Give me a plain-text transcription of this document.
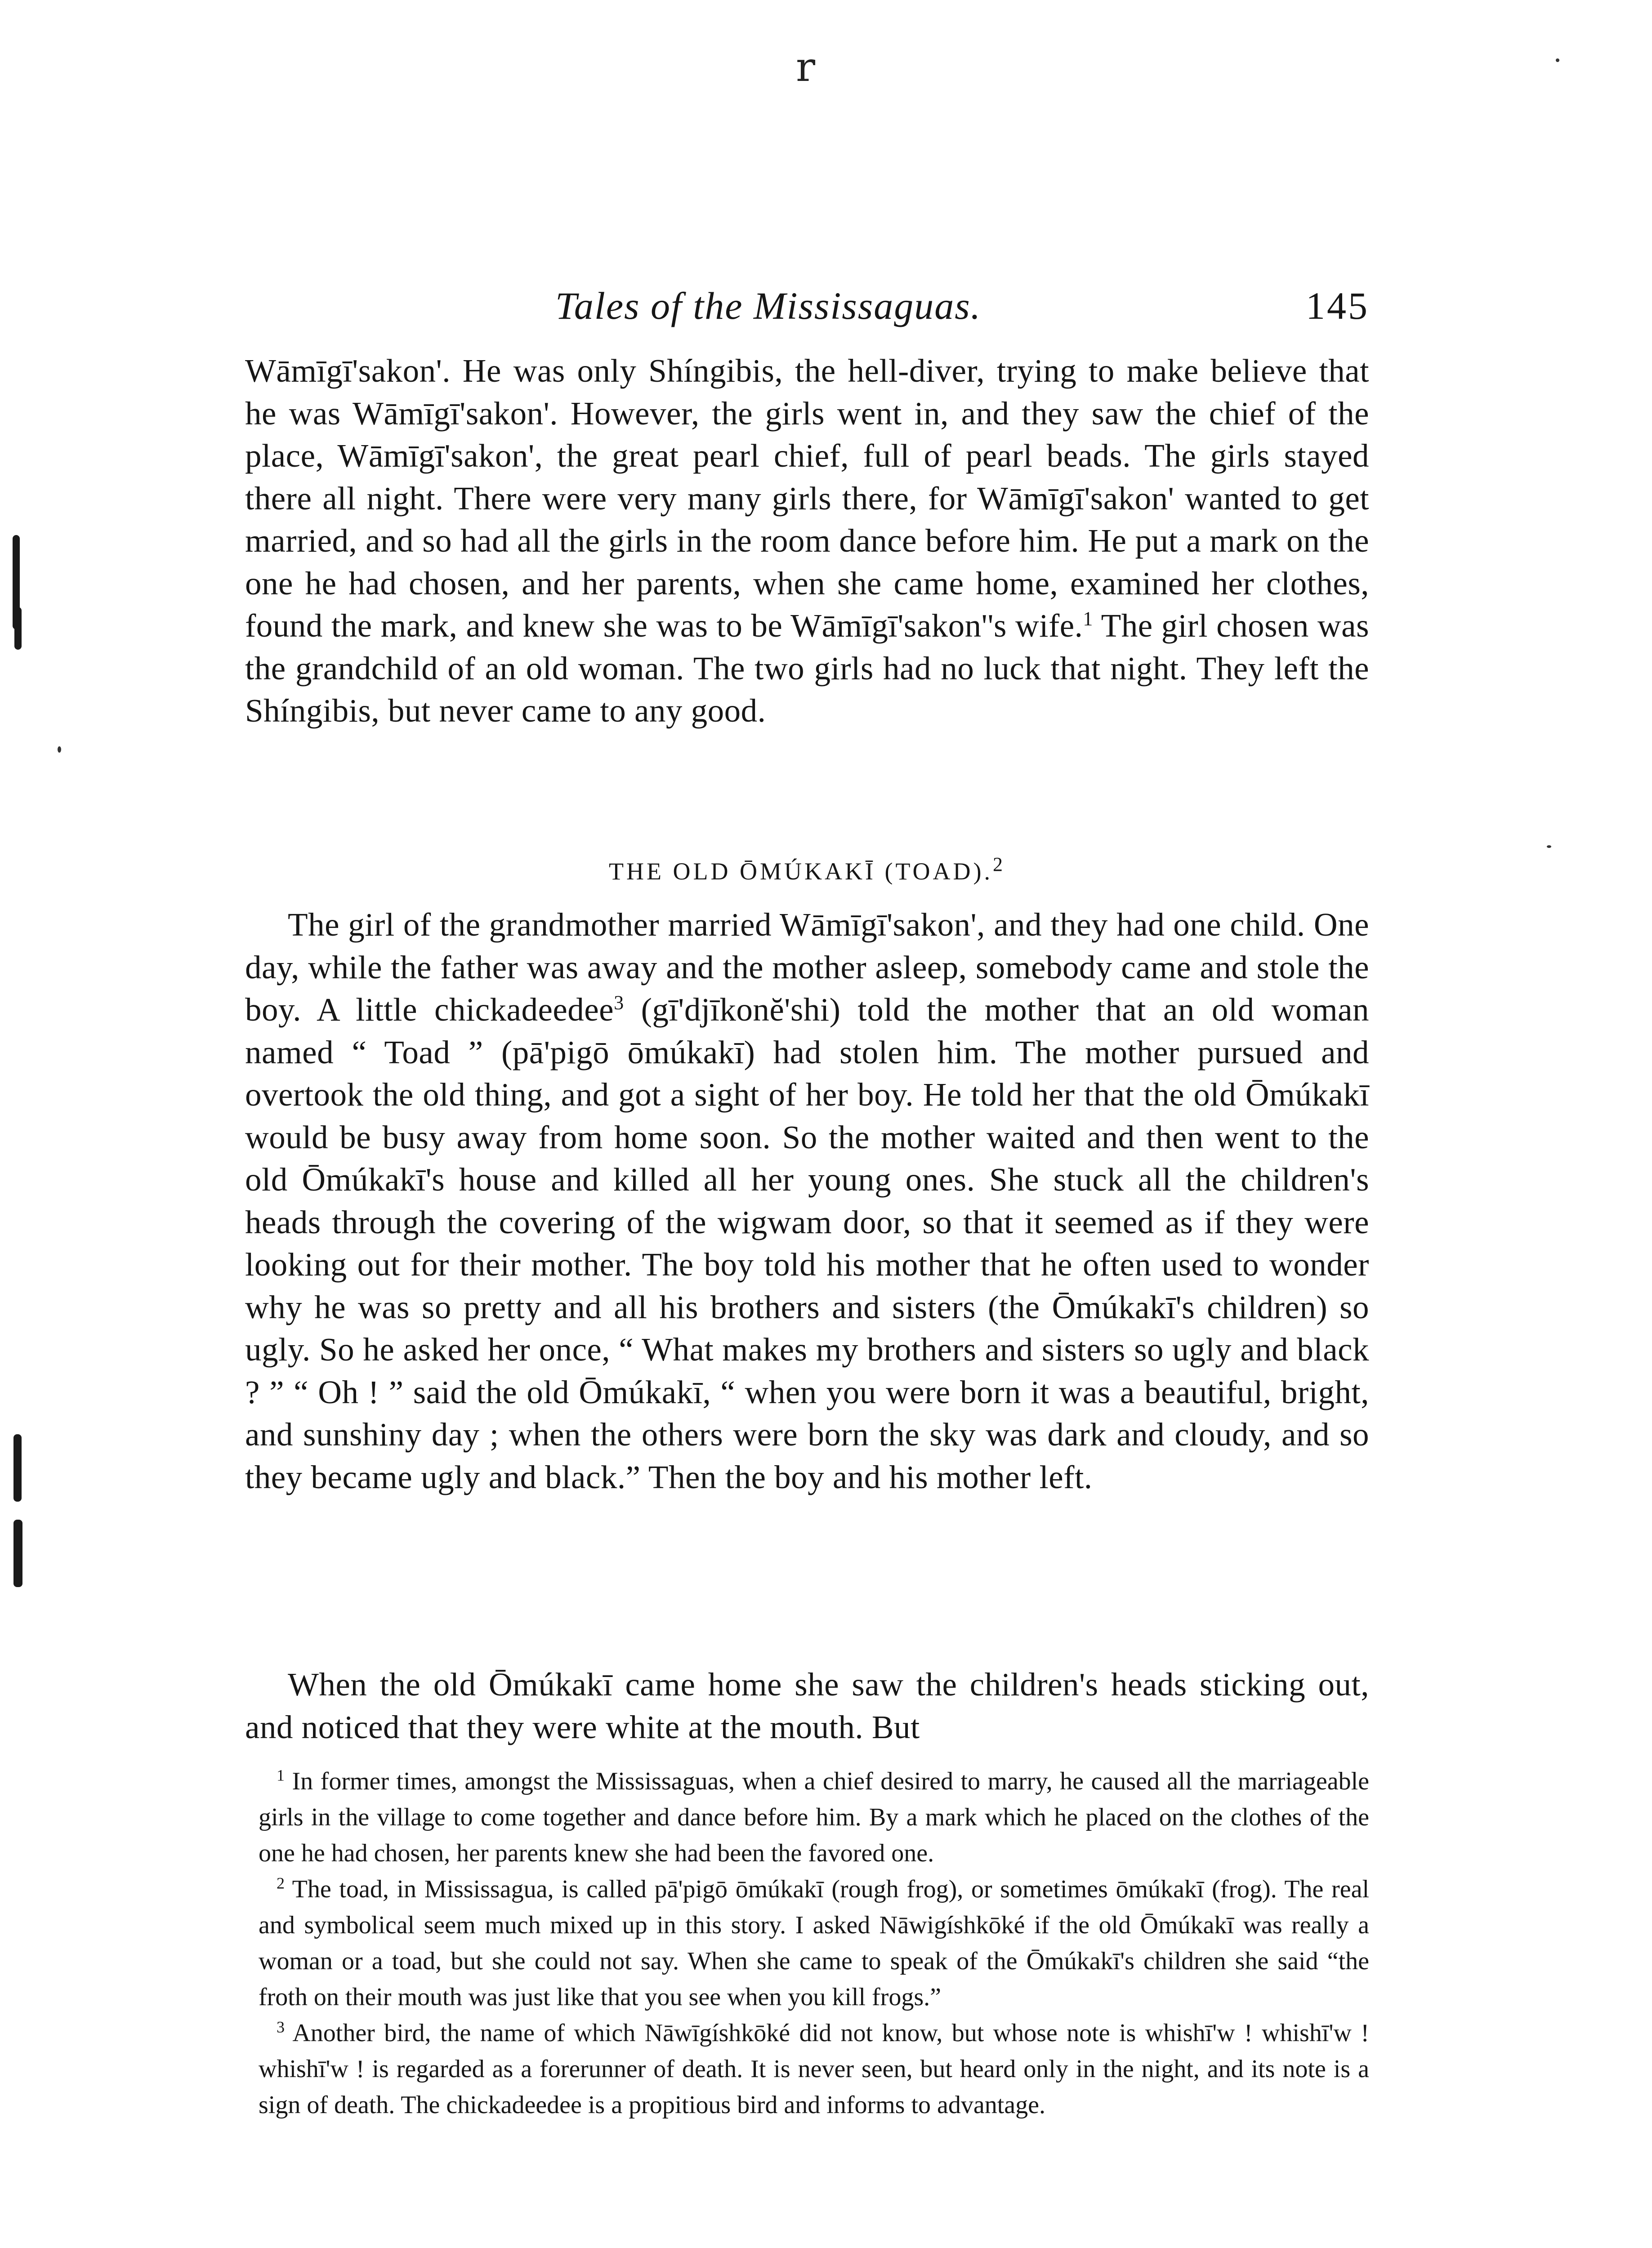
r
Tales of the Mississaguas.	145

Wāmīgī'sakon'. He was only Shíngibis, the hell-diver, trying to make believe that he was Wāmīgī'sakon'. However, the girls went in, and they saw the chief of the place, Wāmīgī'sakon', the great pearl chief, full of pearl beads. The girls stayed there all night. There were very many girls there, for Wāmīgī'sakon' wanted to get married, and so had all the girls in the room dance before him. He put a mark on the one he had chosen, and her parents, when she came home, examined her clothes, found the mark, and knew she was to be Wāmīgī'sakon''s wife.$^1$ The girl chosen was the grandchild of an old woman. The two girls had no luck that night. They left the Shíngibis, but never came to any good.

THE OLD ŌMÚKAKĪ (TOAD).$^2$

The girl of the grandmother married Wāmīgī'sakon', and they had one child. One day, while the father was away and the mother asleep, somebody came and stole the boy. A little chickadeedee$^3$ (gī'djīkonĕ'shi) told the mother that an old woman named “ Toad ” (pā'pigō ōmúkakī) had stolen him. The mother pursued and overtook the old thing, and got a sight of her boy. He told her that the old Ōmúkakī would be busy away from home soon. So the mother waited and then went to the old Ōmúkakī's house and killed all her young ones. She stuck all the children's heads through the covering of the wigwam door, so that it seemed as if they were looking out for their mother. The boy told his mother that he often used to wonder why he was so pretty and all his brothers and sisters (the Ōmúkakī's children) so ugly. So he asked her once, “ What makes my brothers and sisters so ugly and black ? ” “ Oh ! ” said the old Ōmúkakī, “ when you were born it was a beautiful, bright, and sunshiny day ; when the others were born the sky was dark and cloudy, and so they became ugly and black.” Then the boy and his mother left.

When the old Ōmúkakī came home she saw the children's heads sticking out, and noticed that they were white at the mouth. But

$^1$ In former times, amongst the Mississaguas, when a chief desired to marry, he caused all the marriageable girls in the village to come together and dance before him. By a mark which he placed on the clothes of the one he had chosen, her parents knew she had been the favored one.

$^2$ The toad, in Mississagua, is called pā'pigō ōmúkakī (rough frog), or sometimes ōmúkakī (frog). The real and symbolical seem much mixed up in this story. I asked Nāwigíshkōké if the old Ōmúkakī was really a woman or a toad, but she could not say. When she came to speak of the Ōmúkakī's children she said “the froth on their mouth was just like that you see when you kill frogs.”

$^3$ Another bird, the name of which Nāwīgíshkōké did not know, but whose note is whishī'w ! whishī'w ! whishī'w ! is regarded as a forerunner of death. It is never seen, but heard only in the night, and its note is a sign of death. The chickadeedee is a propitious bird and informs to advantage.
